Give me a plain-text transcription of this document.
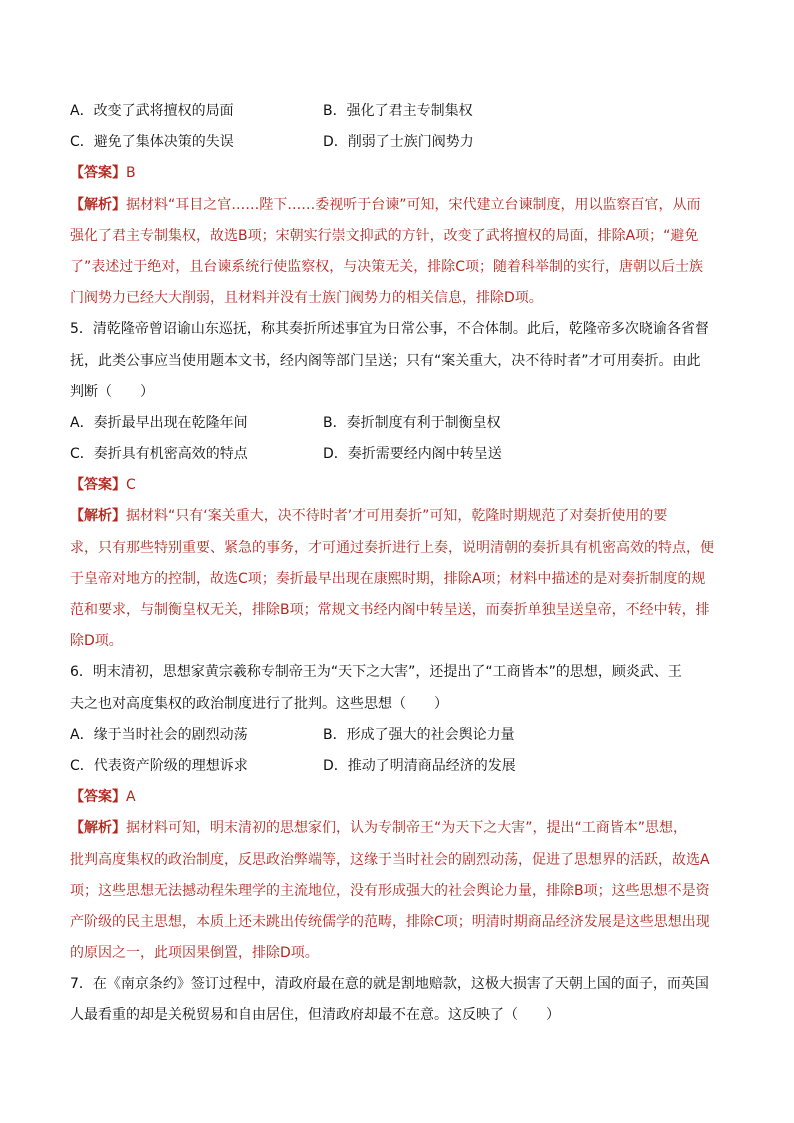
A．改变了武将擅权的局面	B．强化了君主专制集权
C．避免了集体决策的失误	D．削弱了士族门阀势力
【答案】B
【解析】据材料“耳目之官……陛下……委视听于台谏”可知，宋代建立台谏制度，用以监察百官，从而
强化了君主专制集权，故选B项；宋朝实行崇文抑武的方针，改变了武将擅权的局面，排除A项；“避免
了”表述过于绝对，且台谏系统行使监察权，与决策无关，排除C项；随着科举制的实行，唐朝以后士族
门阀势力已经大大削弱，且材料并没有士族门阀势力的相关信息，排除D项。
5．清乾隆帝曾诏谕山东巡抚，称其奏折所述事宜为日常公事，不合体制。此后，乾隆帝多次晓谕各省督
抚，此类公事应当使用题本文书，经内阁等部门呈送；只有“案关重大，决不待时者”才可用奏折。由此
判断（　　）
A．奏折最早出现在乾隆年间	B．奏折制度有利于制衡皇权
C．奏折具有机密高效的特点	D．奏折需要经内阁中转呈送
【答案】C
【解析】据材料“只有‘案关重大，决不待时者’才可用奏折”可知，乾隆时期规范了对奏折使用的要
求，只有那些特别重要、紧急的事务，才可通过奏折进行上奏，说明清朝的奏折具有机密高效的特点，便
于皇帝对地方的控制，故选C项；奏折最早出现在康熙时期，排除A项；材料中描述的是对奏折制度的规
范和要求，与制衡皇权无关，排除B项；常规文书经内阁中转呈送，而奏折单独呈送皇帝，不经中转，排
除D项。
6．明末清初，思想家黄宗羲称专制帝王为“天下之大害”，还提出了“工商皆本”的思想，顾炎武、王
夫之也对高度集权的政治制度进行了批判。这些思想（　　）
A．缘于当时社会的剧烈动荡	B．形成了强大的社会舆论力量
C．代表资产阶级的理想诉求	D．推动了明清商品经济的发展
【答案】A
【解析】据材料可知，明末清初的思想家们，认为专制帝王“为天下之大害”，提出“工商皆本”思想，
批判高度集权的政治制度，反思政治弊端等，这缘于当时社会的剧烈动荡，促进了思想界的活跃，故选A
项；这些思想无法撼动程朱理学的主流地位，没有形成强大的社会舆论力量，排除B项；这些思想不是资
产阶级的民主思想，本质上还未跳出传统儒学的范畴，排除C项；明清时期商品经济发展是这些思想出现
的原因之一，此项因果倒置，排除D项。
7．在《南京条约》签订过程中，清政府最在意的就是割地赔款，这极大损害了天朝上国的面子，而英国
人最看重的却是关税贸易和自由居住，但清政府却最不在意。这反映了（　　）
